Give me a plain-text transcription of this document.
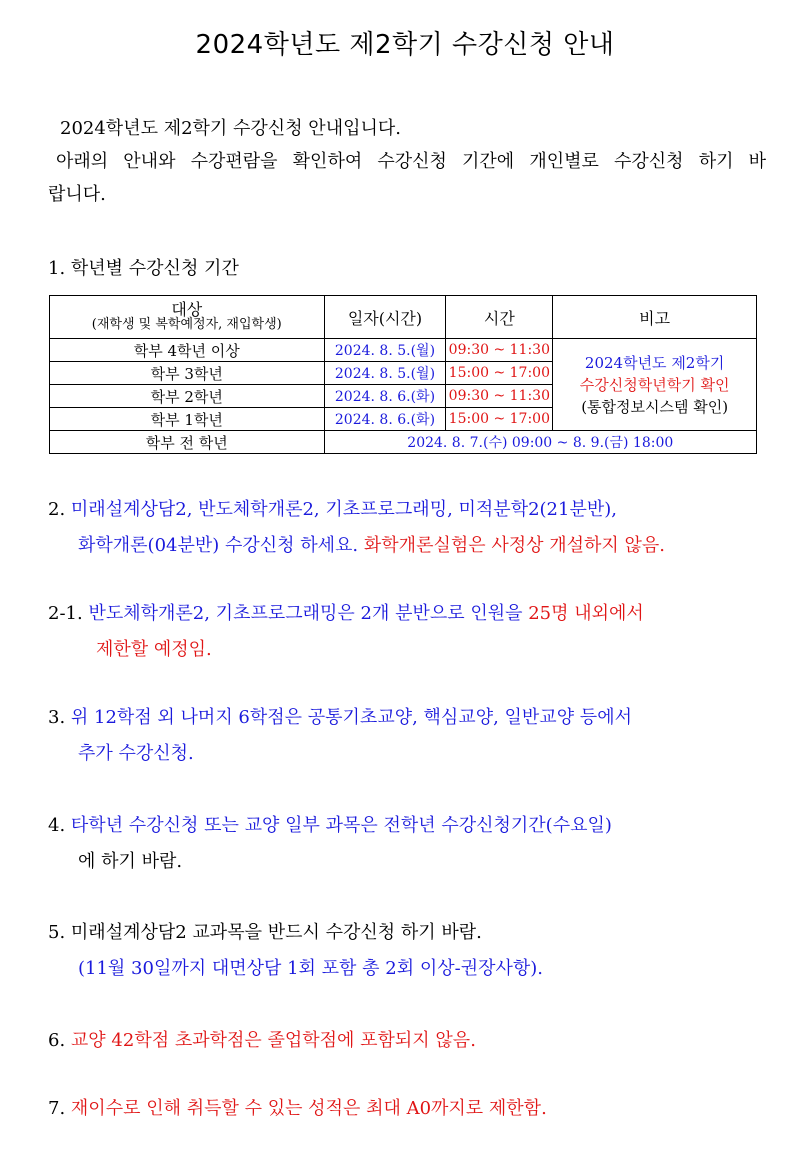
2024학년도 제2학기 수강신청 안내

2024학년도 제2학기 수강신청 안내입니다.

아래의 안내와 수강편람을 확인하여 수강신청 기간에 개인별로 수강신청 하기 바

랍니다.

1. 학년별 수강신청 기간
대상
(재학생 및 복학예정자, 재입학생)	일자(시간)	시간	비고
학부 4학년 이상	2024. 8. 5.(월)	09:30 ~ 11:30	2024학년도 제2학기
수강신청학년학기 확인
(통합정보시스템 확인)

학부 3학년	2024. 8. 5.(월)	15:00 ~ 17:00	
학부 2학년	2024. 8. 6.(화)	09:30 ~ 11:30	
학부 1학년	2024. 8. 6.(화)	15:00 ~ 17:00	
학부 전 학년	2024. 8. 7.(수) 09:00 ~ 8. 9.(금) 18:00		

2. 미래설계상담2, 반도체학개론2, 기초프로그래밍, 미적분학2(21분반),

화학개론(04분반) 수강신청 하세요. 화학개론실험은 사정상 개설하지 않음.

2-1. 반도체학개론2, 기초프로그래밍은 2개 분반으로 인원을 25명 내외에서

제한할 예정임.

3. 위 12학점 외 나머지 6학점은 공통기초교양, 핵심교양, 일반교양 등에서

추가 수강신청.

4. 타학년 수강신청 또는 교양 일부 과목은 전학년 수강신청기간(수요일)

에 하기 바람.

5. 미래설계상담2 교과목을 반드시 수강신청 하기 바람.

(11월 30일까지 대면상담 1회 포함 총 2회 이상-권장사항).

6. 교양 42학점 초과학점은 졸업학점에 포함되지 않음.

7. 재이수로 인해 취득할 수 있는 성적은 최대 A0까지로 제한함.
